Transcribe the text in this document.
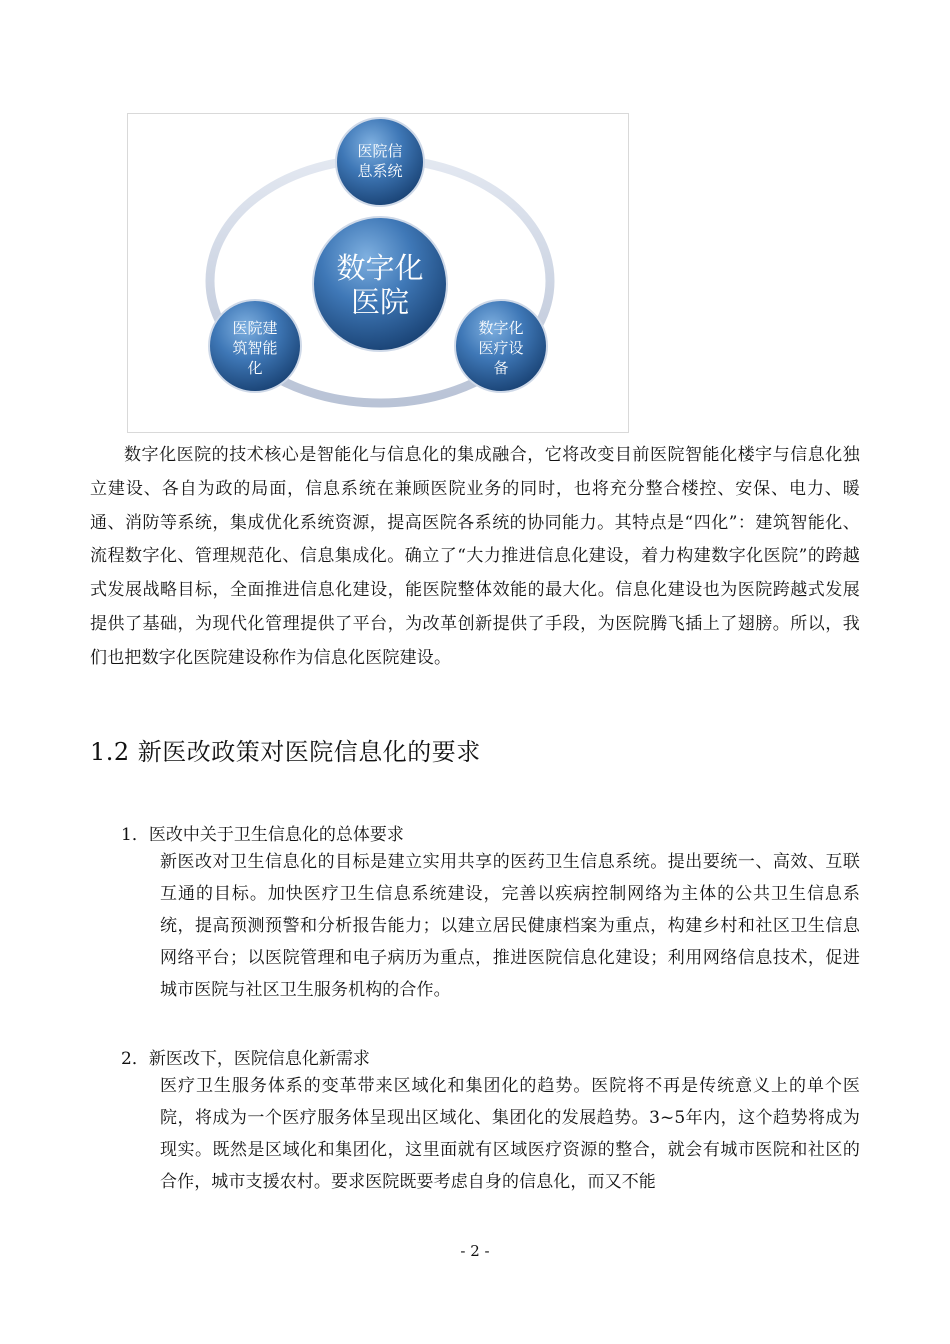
数字化
医院
医院信
息系统
医院建
筑智能
化
数字化
医疗设
备

数字化医院的技术核心是智能化与信息化的集成融合，它将改变目前医院智能化楼宇与信息化独立建设、各自为政的局面，信息系统在兼顾医院业务的同时，也将充分整合楼控、安保、电力、暖通、消防等系统，集成优化系统资源，提高医院各系统的协同能力。其特点是“四化”：建筑智能化、流程数字化、管理规范化、信息集成化。确立了“大力推进信息化建设，着力构建数字化医院”的跨越式发展战略目标，全面推进信息化建设，能医院整体效能的最大化。信息化建设也为医院跨越式发展提供了基础，为现代化管理提供了平台，为改革创新提供了手段，为医院腾飞插上了翅膀。所以，我们也把数字化医院建设称作为信息化医院建设。

1.2 新医改政策对医院信息化的要求

1．医改中关于卫生信息化的总体要求

新医改对卫生信息化的目标是建立实用共享的医药卫生信息系统。提出要统一、高效、互联互通的目标。加快医疗卫生信息系统建设，完善以疾病控制网络为主体的公共卫生信息系统，提高预测预警和分析报告能力；以建立居民健康档案为重点，构建乡村和社区卫生信息网络平台；以医院管理和电子病历为重点，推进医院信息化建设；利用网络信息技术，促进城市医院与社区卫生服务机构的合作。

2．新医改下，医院信息化新需求

医疗卫生服务体系的变革带来区域化和集团化的趋势。医院将不再是传统意义上的单个医院，将成为一个医疗服务体呈现出区域化、集团化的发展趋势。3~5年内，这个趋势将成为现实。既然是区域化和集团化，这里面就有区域医疗资源的整合，就会有城市医院和社区的合作，城市支援农村。要求医院既要考虑自身的信息化，而又不能

- 2 -
